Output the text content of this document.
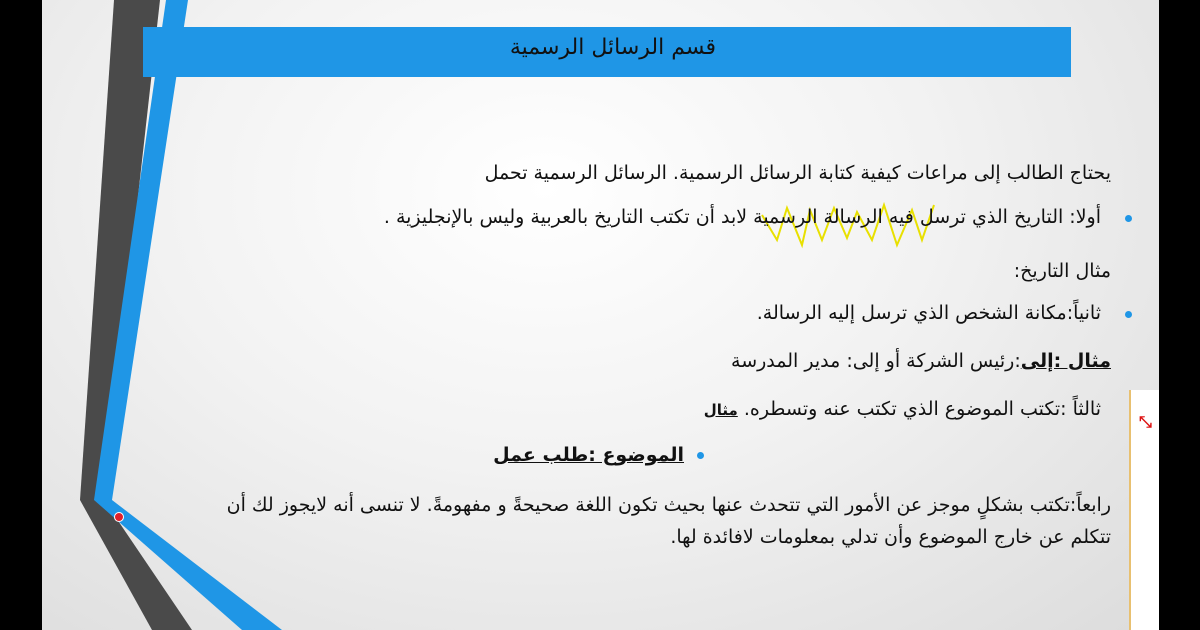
قسم الرسائل الرسمية
يحتاج الطالب إلى مراعات كيفية كتابة الرسائل الرسمية. الرسائل الرسمية تحمل
أولا: التاريخ الذي ترسل فيه الرسالة الرسمية لابد أن تكتب التاريخ بالعربية وليس بالإنجليزية .
مثال التاريخ:
ثانياً:مكانة الشخص الذي ترسل إليه الرسالة.
مثال :إلى:رئيس الشركة أو إلى: مدير المدرسة
ثالثاً :تكتب الموضوع الذي تكتب عنه وتسطره. مثال
الموضوع :طلب عمل
رابعاً:تكتب بشكلٍ موجز عن الأمور التي تتحدث عنها بحيث تكون اللغة صحيحةً و مفهومةً. لا تنسى أنه لايجوز لك أن
تتكلم عن خارج الموضوع وأن تدلي بمعلومات لافائدة لها.
⤡
